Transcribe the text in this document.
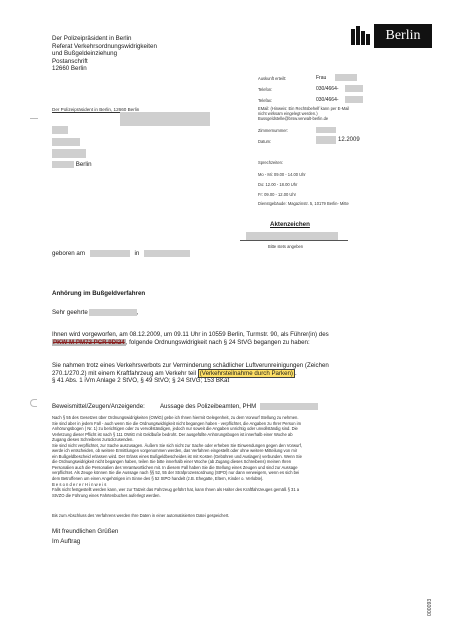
Der Polizeipräsident in Berlin
Referat Verkehrsordnungswidrigkeiten
und Bußgeldeinziehung
Postanschrift
12660 Berlin
Berlin
Der Polizeipräsident in Berlin, 12660 Berlin
Berlin
Auskunft erteilt:	Frau
Telefon:	030/4664-
Telefax:	030/4664-
EMail: (Hinweis: Ein Rechtsbehelf kann per E-Mail
nicht wirksam eingelegt werden.)
Bussgeldstelle@brsw.verwalt-berlin.de
Zimmernummer:
Datum:	12.2009
Sprechzeiten:
Mo - Mi: 09.00 - 14.00 Uhr
Do: 12.00 - 18.00 Uhr
Fr: 09.00 - 12.00 Uhr
Dienstgebäude: Magazinstr. 5, 10179 Berlin- Mitte
Aktenzeichen
Bitte stets angeben
geboren am	in
Anhörung im Bußgeldverfahren
Sehr geehrte	,
Ihnen wird vorgeworfen, am 08.12.2009, um 09.11 Uhr in 10559 Berlin, Turmstr. 90, als Führer(in) des
PKW M PM72 PCR 9DI24, folgende Ordnungswidrigkeit nach § 24 StVG begangen zu haben:
Sie nahmen trotz eines Verkehrsverbots zur Verminderung schädlicher Luftverunreinigungen (Zeichen
270.1/270.2) mit einem Kraftfahrzeug am Verkehr teil (Verkehrsteilnahme durch Parken) .
§ 41 Abs. 1 iVm Anlage 2 StVO, § 49 StVO; § 24 StVG; 153 BKat
Beweismittel/Zeugen/Anzeigende: Aussage des Polizeibeamten, PHM
Nach § 55 des Gesetzes über Ordnungswidrigkeiten (OWiG) gebe ich Ihnen hiermit Gelegenheit, zu dem Vorwurf Stellung zu nehmen.
Sie sind aber in jedem Fall - auch wenn Sie die Ordnungswidrigkeit nicht begangen haben - verpflichtet, die Angaben zu Ihrer Person im
Anhörungsbogen ( Nr. 1) zu berichtigen oder zu vervollständigen, jedoch nur soweit die Angaben unrichtig oder unvollständig sind. Die
Verletzung dieser Pflicht ist nach § 111 OWiG mit Geldbuße bedroht. Der ausgefüllte Anhörungsbogen ist innerhalb einer Woche ab
Zugang dieses Schreibens zurückzusenden.
Sie sind nicht verpflichtet, zur Sache auszusagen. Äußern Sie sich nicht zur Sache oder erheben Sie Einwendungen gegen den Vorwurf,
werde ich entscheiden, ob weitere Ermittlungen vorgenommen werden, das Verfahren eingestellt oder ohne weitere Mitteilung von mir
ein Bußgeldbescheid erlassen wird. Der Erlass eines Bußgeldbescheides ist mit Kosten (Gebühren und Auslagen) verbunden. Wenn Sie
die Ordnungswidrigkeit nicht begangen haben, teilen Sie bitte innerhalb einer Woche (ab Zugang dieses Schreibens) meinen Ihren
Personalien auch die Personalien des Verantwortlichen mit. In diesem Fall haben Sie die Stellung eines Zeugen und sind zur Aussage
verpflichtet. Als Zeuge können Sie die Aussage nach §§ 52, 55 der Strafprozessordnung (StPO) nur dann verweigern, wenn es sich bei
dem Betroffenen um einen Angehörigen im Sinne des § 52 StPO handelt (z.B. Ehegatte, Eltern, Kinder o. Verlobte).
B e s o n d e r e r H i n w e i s
Falls nicht festgestellt werden kann, wer zur Tatzeit das Fahrzeug geführt hat, kann Ihnen als Halter des Kraftfahrzeuges gemäß § 31 a
StVZO die Führung eines Fahrtenbuches auferlegt werden.
Bis zum Abschluss des Verfahrens werden Ihre Daten in einer automatisierten Datei gespeichert.
Mit freundlichen Grüßen
Im Auftrag
000093
